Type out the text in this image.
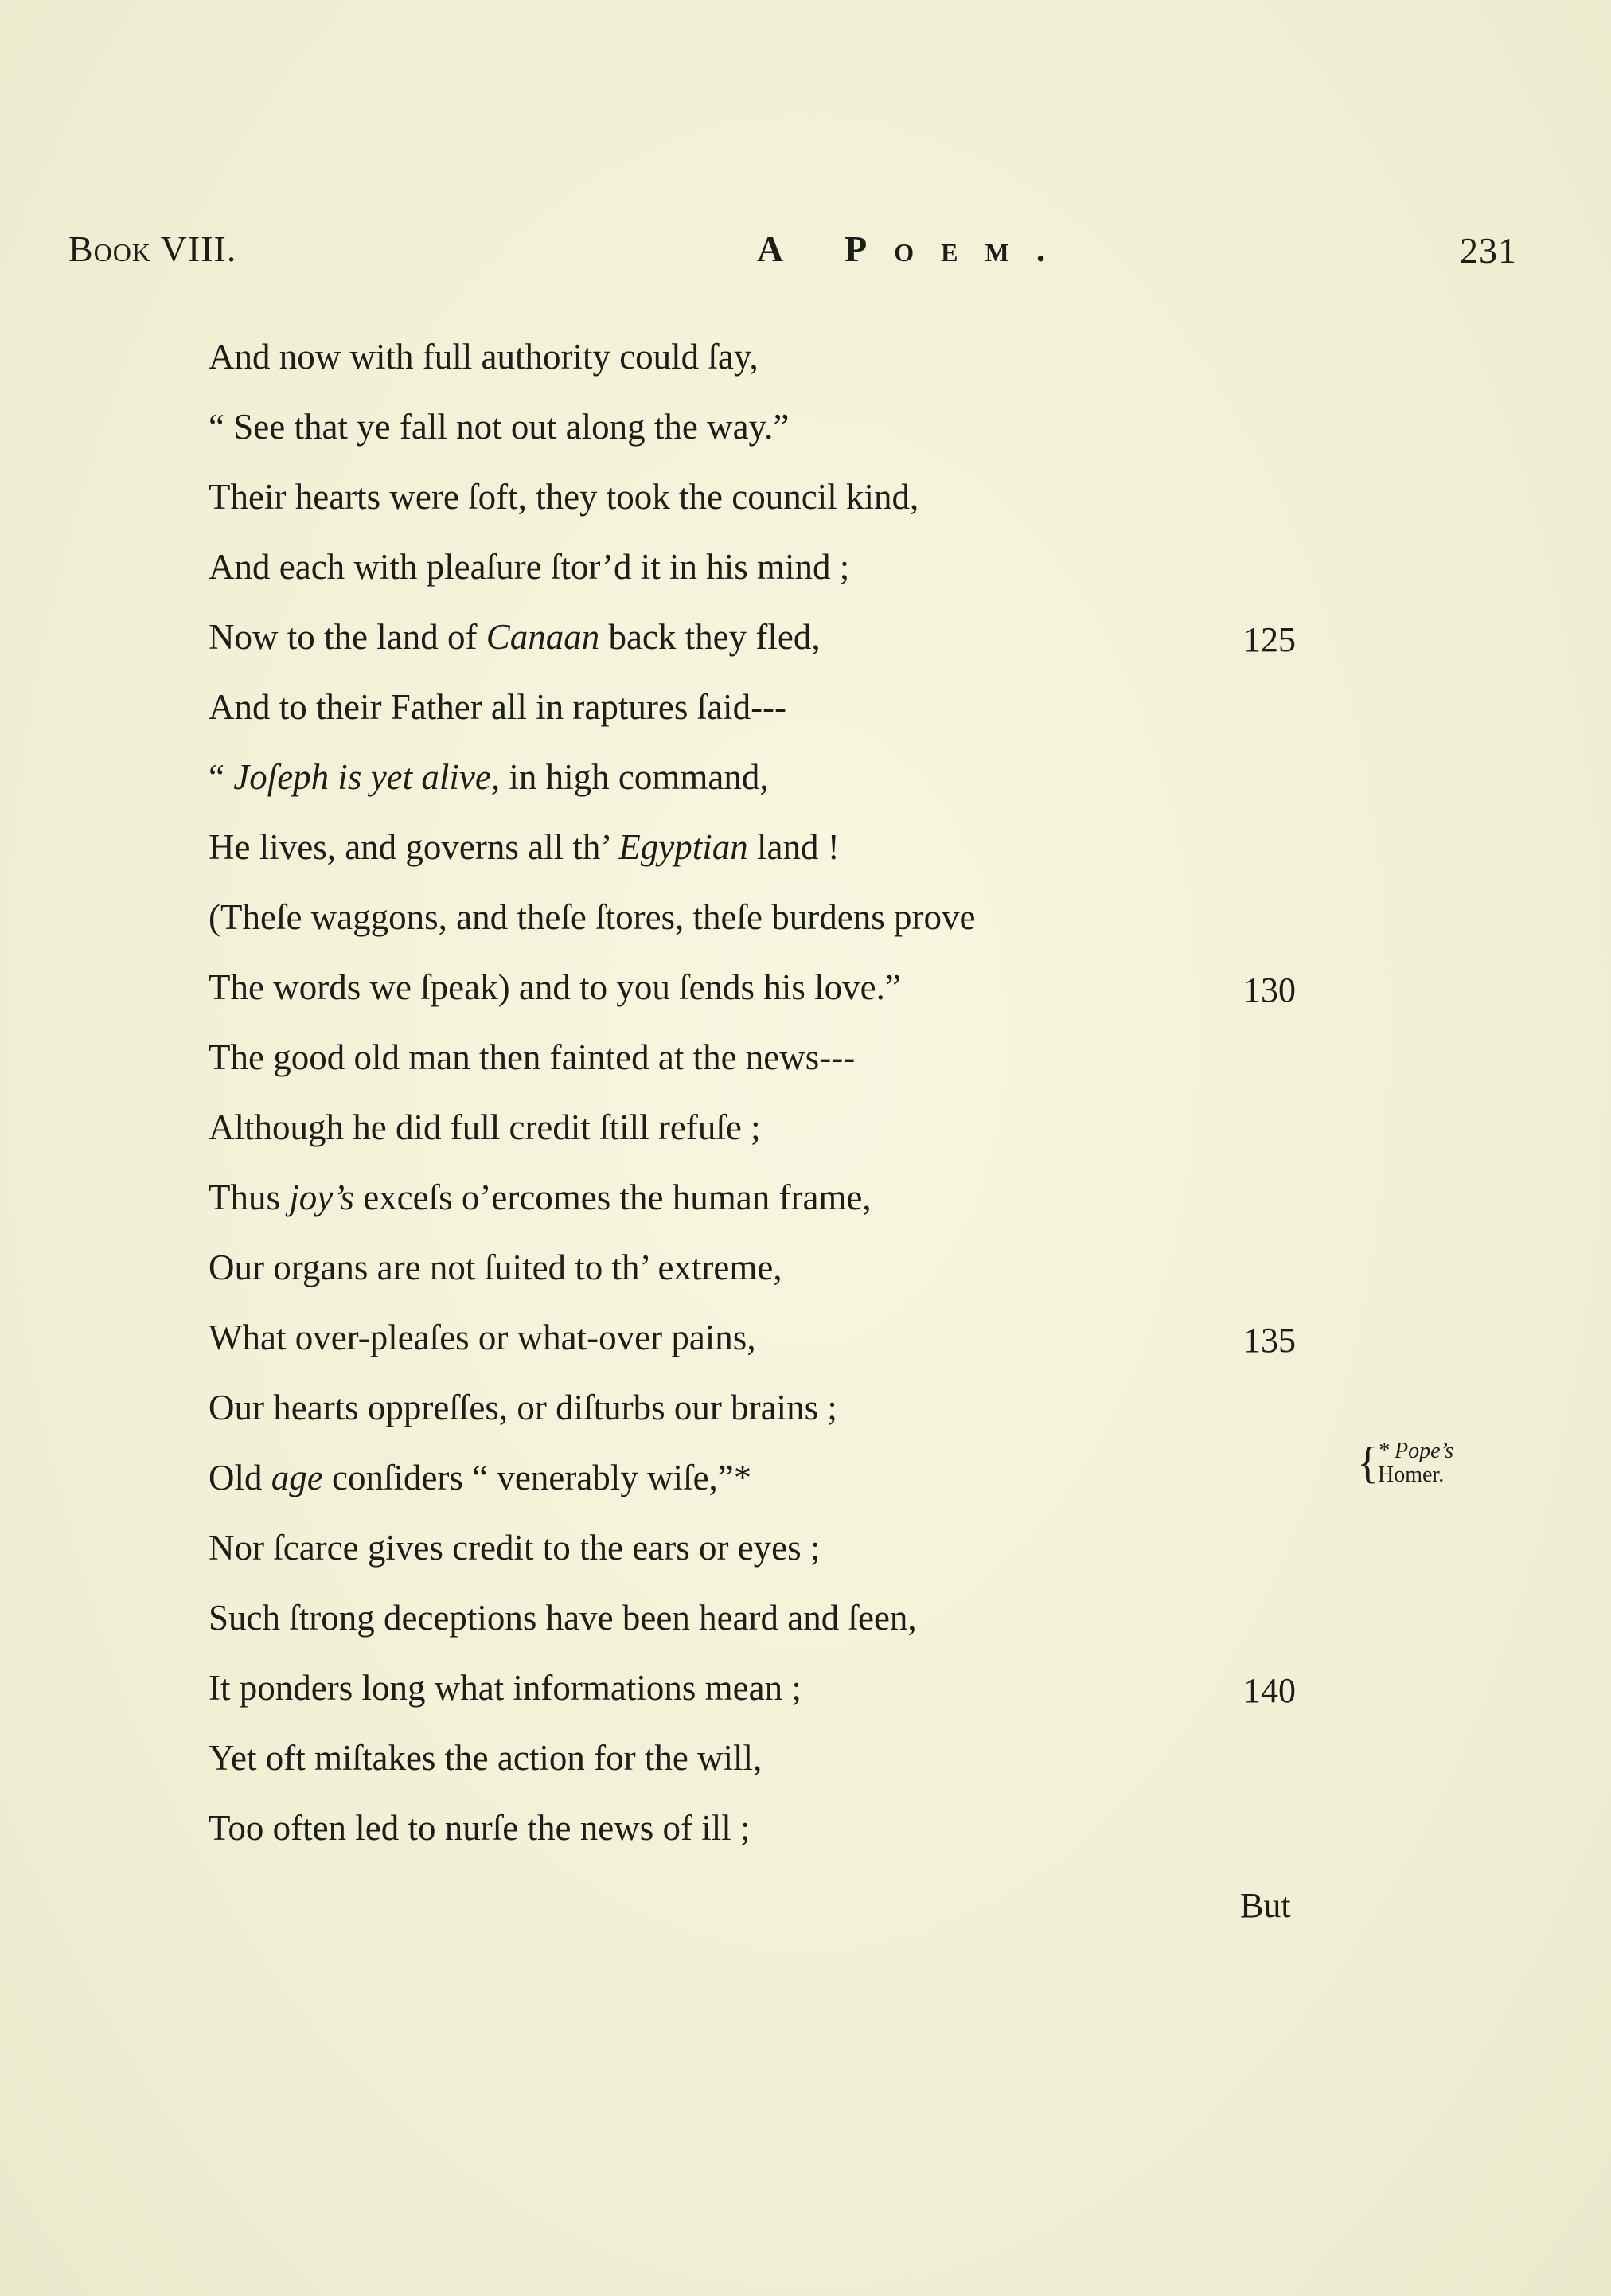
Book VIII.	A Poem.	231
And now with full authority could ſay,
“ See that ye fall not out along the way.”
Their hearts were ſoft, they took the council kind,
And each with pleaſure ſtor’d it in his mind ;
Now to the land of Canaan back they fled,	125
And to their Father all in raptures ſaid---
“ Joſeph is yet alive, in high command,
He lives, and governs all th’ Egyptian land !
(Theſe waggons, and theſe ſtores, theſe burdens prove
The words we ſpeak) and to you ſends his love.”	130
The good old man then fainted at the news---
Although he did full credit ſtill refuſe ;
Thus joy’s exceſs o’ercomes the human frame,
Our organs are not ſuited to th’ extreme,
What over-pleaſes or what-over pains,	135
Our hearts oppreſſes, or diſturbs our brains ;
Old age conſiders “ venerably wiſe,”*
Nor ſcarce gives credit to the ears or eyes ;
Such ſtrong deceptions have been heard and ſeen,
It ponders long what informations mean ;	140
Yet oft miſtakes the action for the will,
Too often led to nurſe the news of ill ;
{ * Pope’s
Homer.
But
